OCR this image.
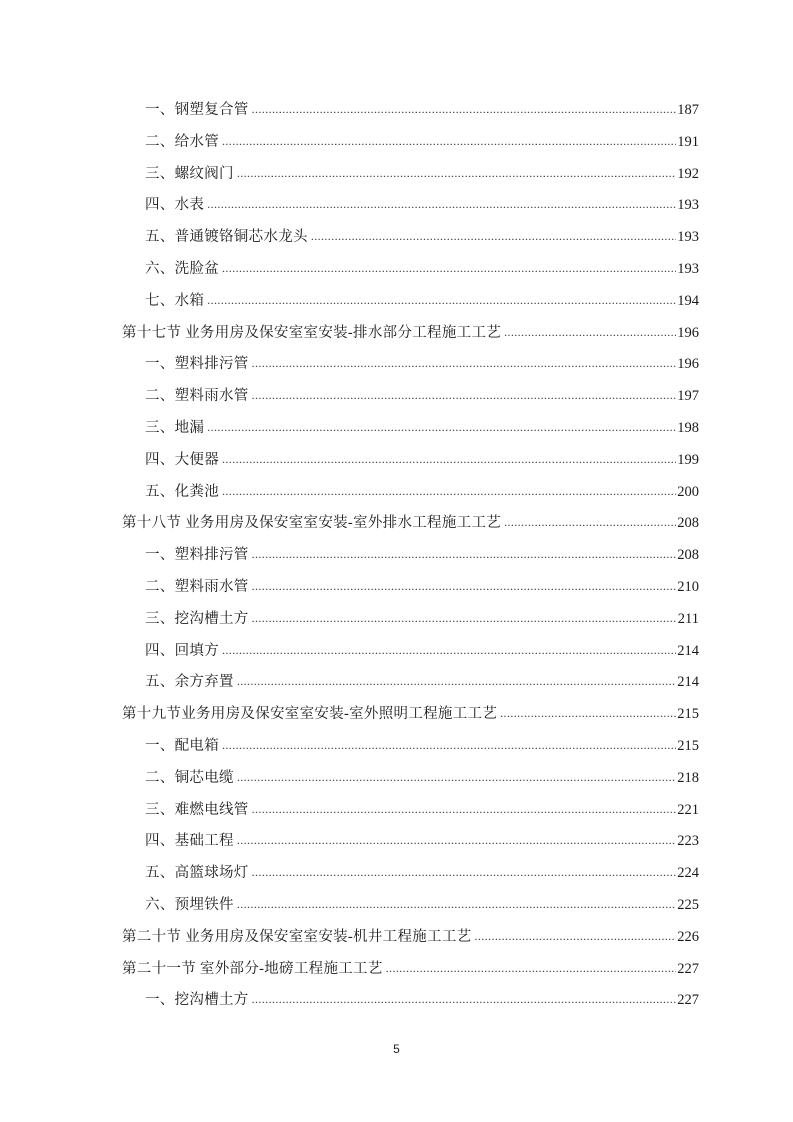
一、钢塑复合管 .....	187
二、给水管 .....	191
三、螺纹阀门 .....	192
四、水表 .....	193
五、普通镀铬铜芯水龙头 .....	193
六、洗脸盆 .....	193
七、水箱 .....	194
第十七节 业务用房及保安室室安装-排水部分工程施工工艺 .....	196
一、塑料排污管 .....	196
二、塑料雨水管 .....	197
三、地漏 .....	198
四、大便器 .....	199
五、化粪池 .....	200
第十八节 业务用房及保安室室安装-室外排水工程施工工艺 .....	208
一、塑料排污管 .....	208
二、塑料雨水管 .....	210
三、挖沟槽土方 .....	211
四、回填方 .....	214
五、余方弃置 .....	214
第十九节业务用房及保安室室安装-室外照明工程施工工艺 .....	215
一、配电箱 .....	215
二、铜芯电缆 .....	218
三、难燃电线管 .....	221
四、基础工程 .....	223
五、高篮球场灯 .....	224
六、预埋铁件 .....	225
第二十节 业务用房及保安室室安装-机井工程施工工艺 .....	226
第二十一节 室外部分-地磅工程施工工艺 .....	227
一、挖沟槽土方 .....	227
5
